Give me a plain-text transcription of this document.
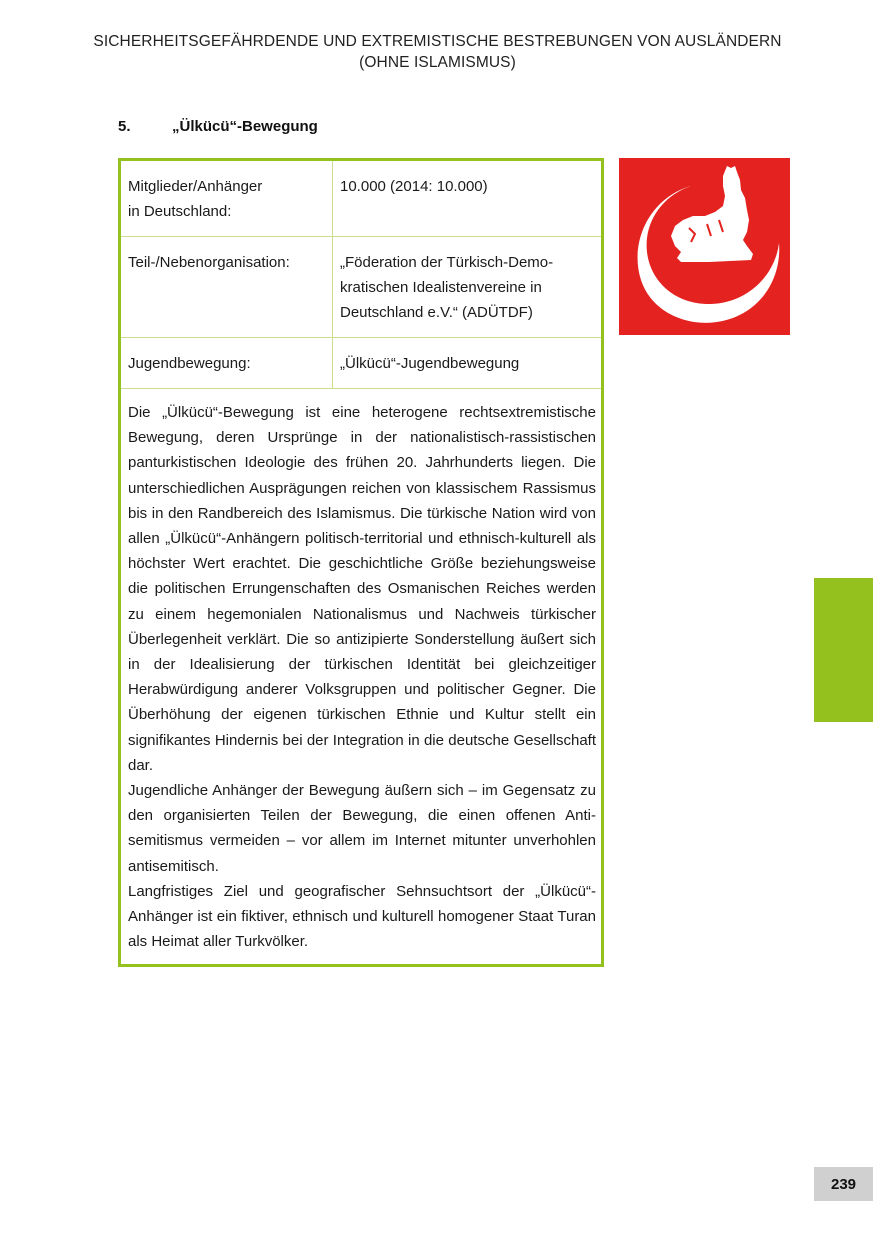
SICHERHEITSGEFÄHRDENDE UND EXTREMISTISCHE BESTREBUNGEN VON AUSLÄNDERN
(OHNE ISLAMISMUS)
5.	„Ülkücü“-Bewegung
Mitglieder/Anhänger
in Deutschland:	10.000 (2014: 10.000)
Teil-/Nebenorganisation:	„Föderation der Türkisch-Demo-
kratischen Idealistenvereine in
Deutschland e.V.“ (ADÜTDF)

Jugendbewegung:	„Ülkücü“-Jugendbewegung

Die „Ülkücü“-Bewegung ist eine heterogene rechtsextremistische Bewegung, deren Ursprünge in der nationalistisch-rassistischen panturkistischen Ideologie des frühen 20. Jahrhunderts liegen. Die unterschiedlichen Ausprägungen reichen von klassischem Rassismus bis in den Randbereich des Islamismus. Die türkische Nation wird von allen „Ülkücü“-Anhängern politisch-territorial und ethnisch-kulturell als höchster Wert erachtet. Die geschichtliche Größe beziehungsweise die politischen Errungenschaften des Osmanischen Reiches werden zu einem hegemonialen Nationalismus und Nachweis türkischer Überlegenheit verklärt. Die so antizipierte Sonderstellung äußert sich in der Idealisierung der türkischen Identität bei gleichzeitiger Herabwürdigung anderer Volksgruppen und politischer Gegner. Die Überhöhung der eigenen türkischen Ethnie und Kultur stellt ein signifikantes Hindernis bei der Integration in die deutsche Gesellschaft dar.

Jugendliche Anhänger der Bewegung äußern sich – im Gegensatz zu den organisierten Teilen der Bewegung, die einen offenen Antisemitismus vermeiden – vor allem im Internet mitunter unverhohlen antisemitisch.

Langfristiges Ziel und geografischer Sehnsuchtsort der „Ülkücü“-Anhänger ist ein fiktiver, ethnisch und kulturell homogener Staat Turan als Heimat aller Turkvölker.

239
